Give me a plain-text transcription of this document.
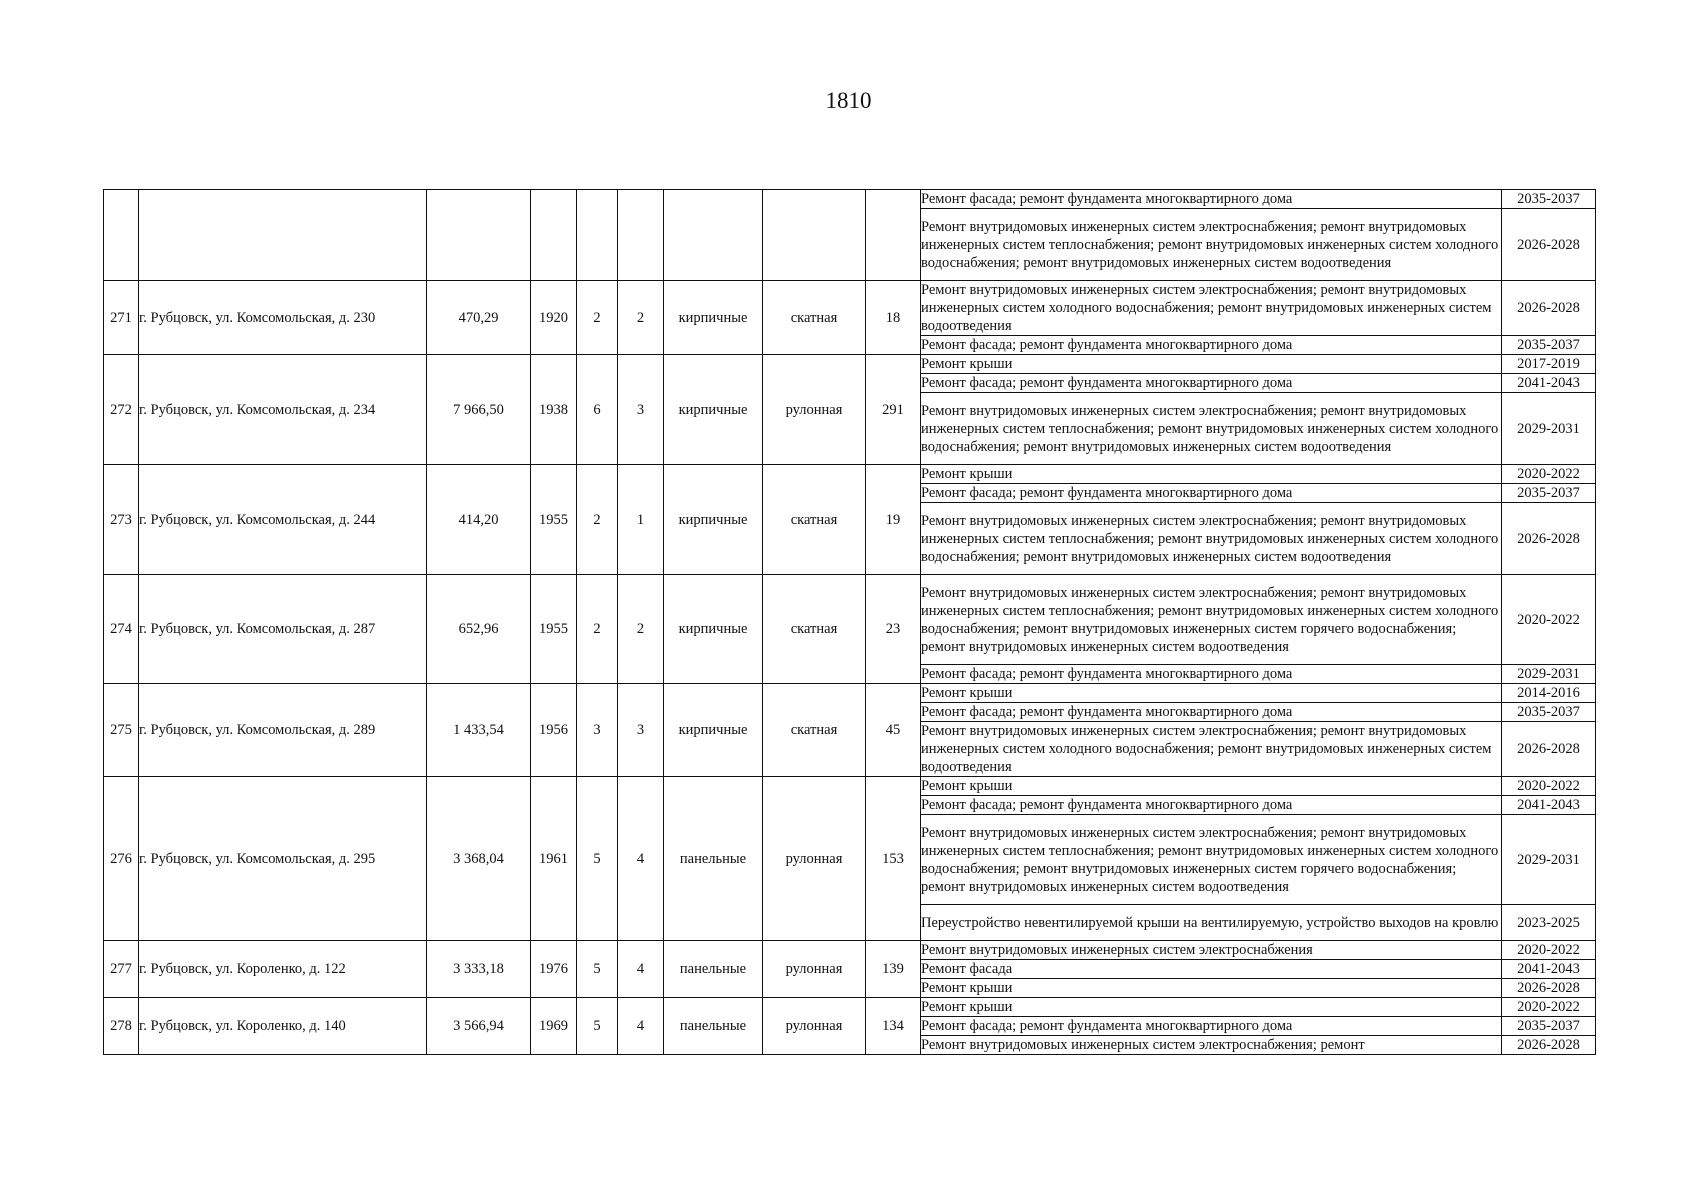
1810
									Ремонт фасада; ремонт фундамента многоквартирного дома	2035-2037
									Ремонт внутридомовых инженерных систем электроснабжения; ремонт внутридомовых инженерных систем теплоснабжения; ремонт внутридомовых инженерных систем холодного водоснабжения; ремонт внутридомовых инженерных систем водоотведения	2026-2028
271	г. Рубцовск, ул. Комсомольская, д. 230	470,29	1920	2	2	кирпичные	скатная	18	Ремонт внутридомовых инженерных систем электроснабжения; ремонт внутридомовых инженерных систем холодного водоснабжения; ремонт внутридомовых инженерных систем водоотведения	2026-2028
									Ремонт фасада; ремонт фундамента многоквартирного дома	2035-2037
272	г. Рубцовск, ул. Комсомольская, д. 234	7 966,50	1938	6	3	кирпичные	рулонная	291	Ремонт крыши	2017-2019
									Ремонт фасада; ремонт фундамента многоквартирного дома	2041-2043
									Ремонт внутридомовых инженерных систем электроснабжения; ремонт внутридомовых инженерных систем теплоснабжения; ремонт внутридомовых инженерных систем холодного водоснабжения; ремонт внутридомовых инженерных систем водоотведения	2029-2031
273	г. Рубцовск, ул. Комсомольская, д. 244	414,20	1955	2	1	кирпичные	скатная	19	Ремонт крыши	2020-2022
									Ремонт фасада; ремонт фундамента многоквартирного дома	2035-2037
									Ремонт внутридомовых инженерных систем электроснабжения; ремонт внутридомовых инженерных систем теплоснабжения; ремонт внутридомовых инженерных систем холодного водоснабжения; ремонт внутридомовых инженерных систем водоотведения	2026-2028
274	г. Рубцовск, ул. Комсомольская, д. 287	652,96	1955	2	2	кирпичные	скатная	23	Ремонт внутридомовых инженерных систем электроснабжения; ремонт внутридомовых инженерных систем теплоснабжения; ремонт внутридомовых инженерных систем холодного водоснабжения; ремонт внутридомовых инженерных систем горячего водоснабжения; ремонт внутридомовых инженерных систем водоотведения	2020-2022
									Ремонт фасада; ремонт фундамента многоквартирного дома	2029-2031
275	г. Рубцовск, ул. Комсомольская, д. 289	1 433,54	1956	3	3	кирпичные	скатная	45	Ремонт крыши	2014-2016
									Ремонт фасада; ремонт фундамента многоквартирного дома	2035-2037
									Ремонт внутридомовых инженерных систем электроснабжения; ремонт внутридомовых инженерных систем холодного водоснабжения; ремонт внутридомовых инженерных систем водоотведения	2026-2028
276	г. Рубцовск, ул. Комсомольская, д. 295	3 368,04	1961	5	4	панельные	рулонная	153	Ремонт крыши	2020-2022
									Ремонт фасада; ремонт фундамента многоквартирного дома	2041-2043
									Ремонт внутридомовых инженерных систем электроснабжения; ремонт внутридомовых инженерных систем теплоснабжения; ремонт внутридомовых инженерных систем холодного водоснабжения; ремонт внутридомовых инженерных систем горячего водоснабжения; ремонт внутридомовых инженерных систем водоотведения	2029-2031
									Переустройство невентилируемой крыши на вентилируемую, устройство выходов на кровлю	2023-2025
277	г. Рубцовск, ул. Короленко, д. 122	3 333,18	1976	5	4	панельные	рулонная	139	Ремонт внутридомовых инженерных систем электроснабжения	2020-2022
									Ремонт фасада	2041-2043
									Ремонт крыши	2026-2028
278	г. Рубцовск, ул. Короленко, д. 140	3 566,94	1969	5	4	панельные	рулонная	134	Ремонт крыши	2020-2022
									Ремонт фасада; ремонт фундамента многоквартирного дома	2035-2037
									Ремонт внутридомовых инженерных систем электроснабжения; ремонт	2026-2028
